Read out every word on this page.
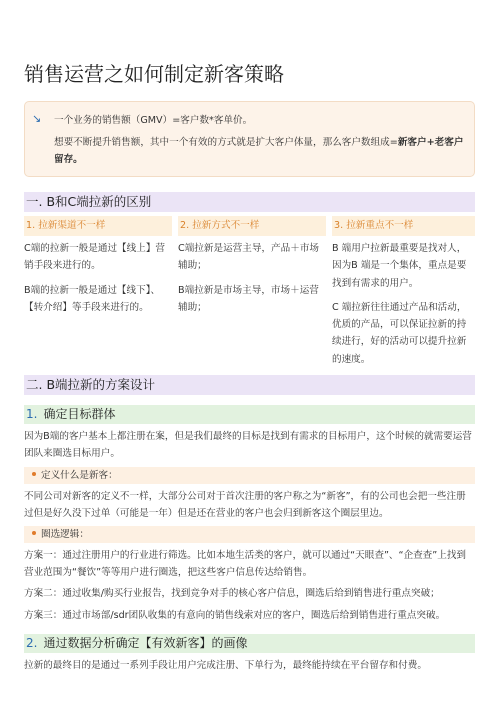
销售运营之如何制定新客策略
↘ 一个业务的销售额（GMV）=客户数*客单价。
想要不断提升销售额，其中一个有效的方式就是扩大客户体量，那么客户数组成=新客户+老客户留存。
一. B和C端拉新的区别
1. 拉新渠道不一样
C端的拉新一般是通过【线上】营销手段来进行的。
B端的拉新一般是通过【线下】、【转介绍】等手段来进行的。
2. 拉新方式不一样
C端拉新是运营主导，产品＋市场辅助；
B端拉新是市场主导，市场＋运营辅助；
3. 拉新重点不一样
B 端用户拉新最重要是找对人，因为B 端是一个集体，重点是要找到有需求的用户。
C 端拉新往往通过产品和活动，优质的产品，可以保证拉新的持续进行，好的活动可以提升拉新的速度。
二. B端拉新的方案设计
1. 确定目标群体
因为B端的客户基本上都注册在案，但是我们最终的目标是找到有需求的目标用户，这个时候的就需要运营团队来圈选目标用户。
定义什么是新客：
不同公司对新客的定义不一样，大部分公司对于首次注册的客户称之为“新客”，有的公司也会把一些注册过但是好久没下过单（可能是一年）但是还在营业的客户也会归到新客这个圈层里边。
圈选逻辑：
方案一：通过注册用户的行业进行筛选。比如本地生活类的客户，就可以通过“天眼查”、“企查查”上找到营业范围为“餐饮”等等用户进行圈选，把这些客户信息传达给销售。
方案二：通过收集/购买行业报告，找到竞争对手的核心客户信息，圈选后给到销售进行重点突破；
方案三：通过市场部/sdr团队收集的有意向的销售线索对应的客户，圈选后给到销售进行重点突破。
2. 通过数据分析确定【有效新客】的画像
拉新的最终目的是通过一系列手段让用户完成注册、下单行为，最终能持续在平台留存和付费。
